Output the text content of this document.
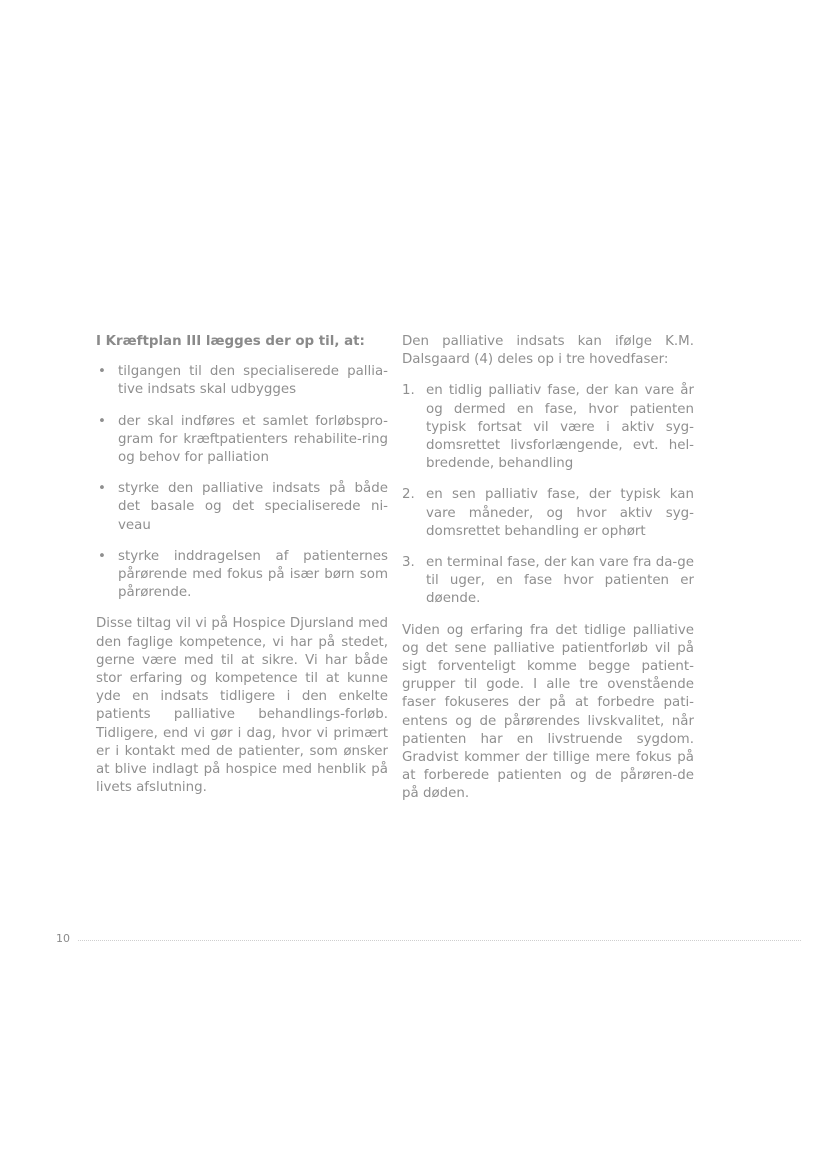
I Kræftplan III lægges der op til, at:
• tilgangen til den specialiserede pallia-tive indsats skal udbygges
• der skal indføres et samlet forløbspro-gram for kræftpatienters rehabilite-ring og behov for palliation
• styrke den palliative indsats på både det basale og det specialiserede ni-veau
• styrke inddragelsen af patienternes pårørende med fokus på især børn som pårørende.

Disse tiltag vil vi på Hospice Djursland med den faglige kompetence, vi har på stedet, gerne være med til at sikre. Vi har både stor erfaring og kompetence til at kunne yde en indsats tidligere i den enkelte patients palliative behandlings-forløb. Tidligere, end vi gør i dag, hvor vi primært er i kontakt med de patienter, som ønsker at blive indlagt på hospice med henblik på livets afslutning.

Den palliative indsats kan ifølge K.M. Dalsgaard (4) deles op i tre hovedfaser:

1. en tidlig palliativ fase, der kan vare år og dermed en fase, hvor patienten typisk fortsat vil være i aktiv syg-domsrettet livsforlængende, evt. hel-bredende, behandling
2. en sen palliativ fase, der typisk kan vare måneder, og hvor aktiv syg-domsrettet behandling er ophørt
3. en terminal fase, der kan vare fra da-ge til uger, en fase hvor patienten er døende.

Viden og erfaring fra det tidlige palliative og det sene palliative patientforløb vil på sigt forventeligt komme begge patient-grupper til gode. I alle tre ovenstående faser fokuseres der på at forbedre pati-entens og de pårørendes livskvalitet, når patienten har en livstruende sygdom. Gradvist kommer der tillige mere fokus på at forberede patienten og de pårøren-de på døden.

10
